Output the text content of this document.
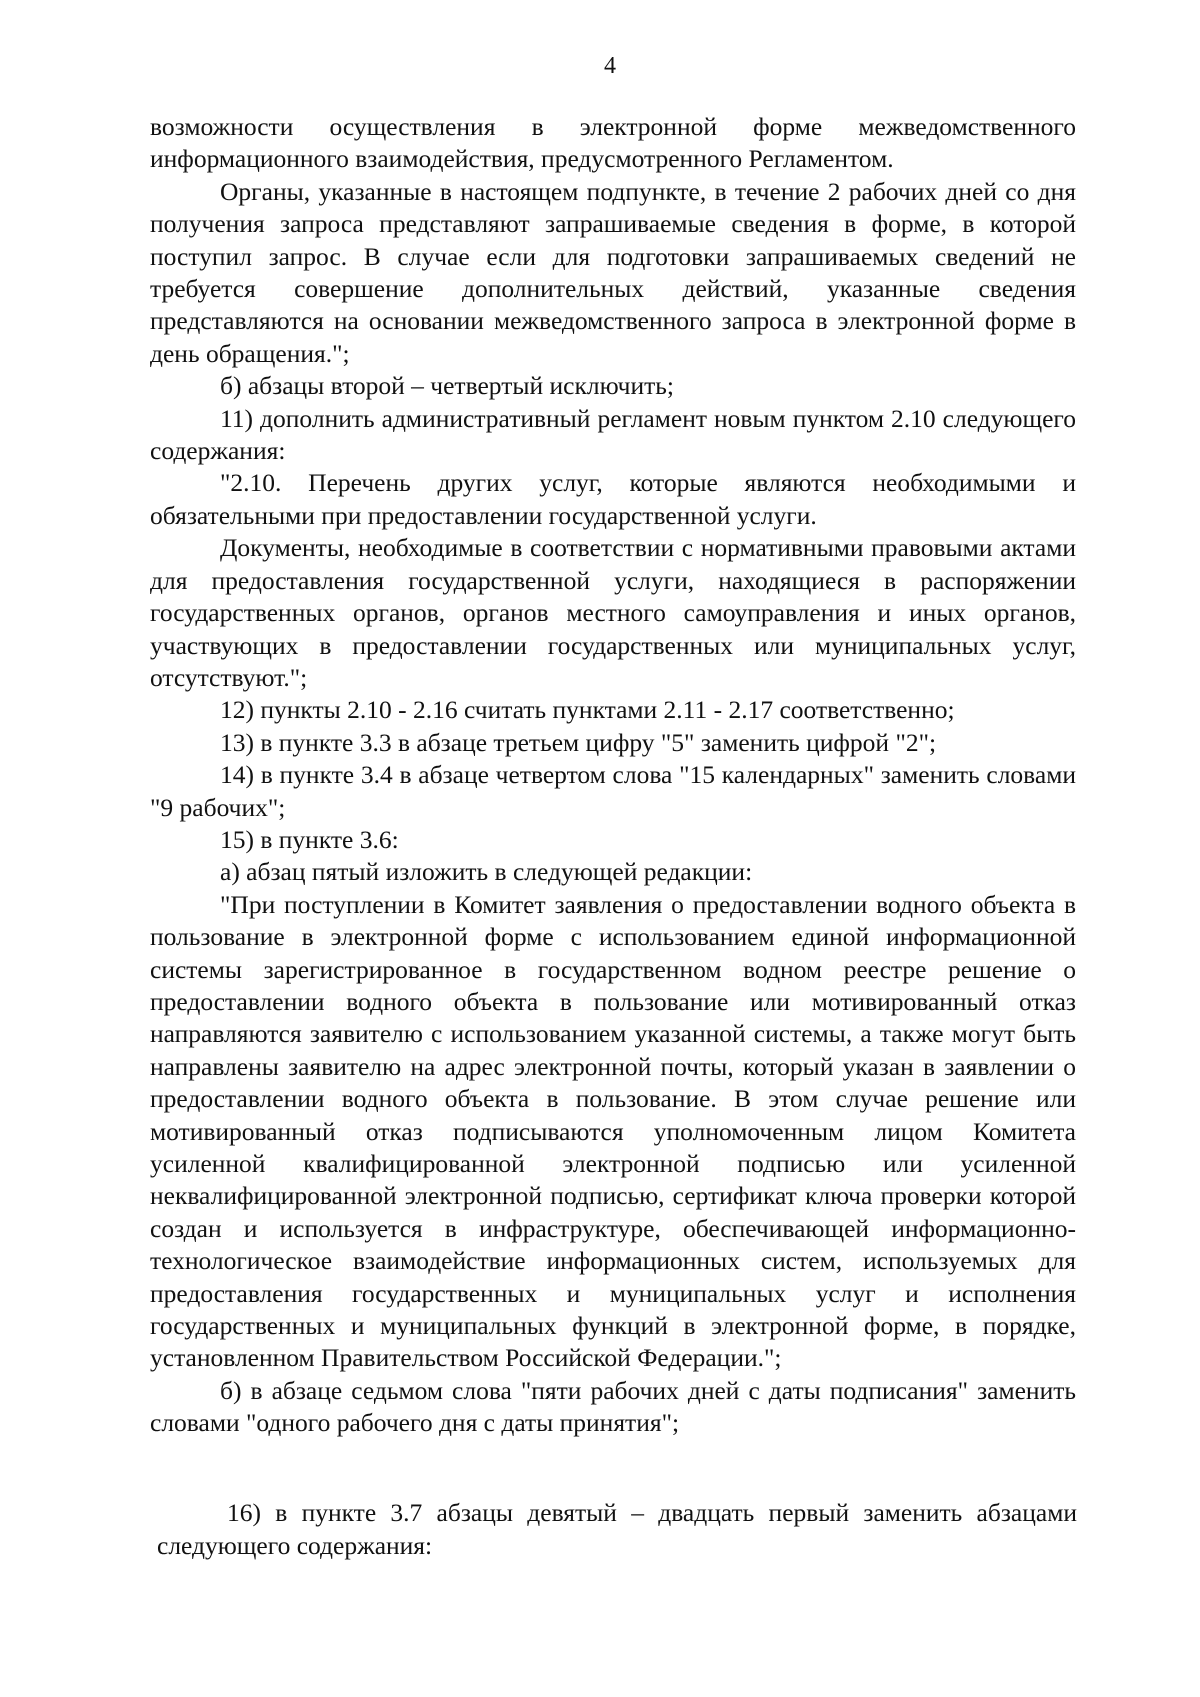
4

возможности осуществления в электронной форме межведомственного информационного взаимодействия, предусмотренного Регламентом.

Органы, указанные в настоящем подпункте, в течение 2 рабочих дней со дня получения запроса представляют запрашиваемые сведения в форме, в которой поступил запрос. В случае если для подготовки запрашиваемых сведений не требуется совершение дополнительных действий, указанные сведения представляются на основании межведомственного запроса в электронной форме в день обращения.";

б) абзацы второй – четвертый исключить;

11) дополнить административный регламент новым пунктом 2.10 следующего содержания:

"2.10. Перечень других услуг, которые являются необходимыми и обязательными при предоставлении государственной услуги.

Документы, необходимые в соответствии с нормативными правовыми актами для предоставления государственной услуги, находящиеся в распоряжении государственных органов, органов местного самоуправления и иных органов, участвующих в предоставлении государственных или муниципальных услуг, отсутствуют.";

12) пункты 2.10 - 2.16 считать пунктами 2.11 - 2.17 соответственно;

13) в пункте 3.3 в абзаце третьем цифру "5" заменить цифрой "2";

14) в пункте 3.4 в абзаце четвертом слова "15 календарных" заменить словами "9 рабочих";

15) в пункте 3.6:

а) абзац пятый изложить в следующей редакции:

"При поступлении в Комитет заявления о предоставлении водного объекта в пользование в электронной форме с использованием единой информационной системы зарегистрированное в государственном водном реестре решение о предоставлении водного объекта в пользование или мотивированный отказ направляются заявителю с использованием указанной системы, а также могут быть направлены заявителю на адрес электронной почты, который указан в заявлении о предоставлении водного объекта в пользование. В этом случае решение или мотивированный отказ подписываются уполномоченным лицом Комитета усиленной квалифицированной электронной подписью или усиленной неквалифицированной электронной подписью, сертификат ключа проверки которой создан и используется в инфраструктуре, обеспечивающей информационно-технологическое взаимодействие информационных систем, используемых для предоставления государственных и муниципальных услуг и исполнения государственных и муниципальных функций в электронной форме, в порядке, установленном Правительством Российской Федерации.";

б) в абзаце седьмом слова "пяти рабочих дней с даты подписания" заменить словами "одного рабочего дня с даты принятия";

16) в пункте 3.7 абзацы девятый – двадцать первый заменить абзацами следующего содержания:
